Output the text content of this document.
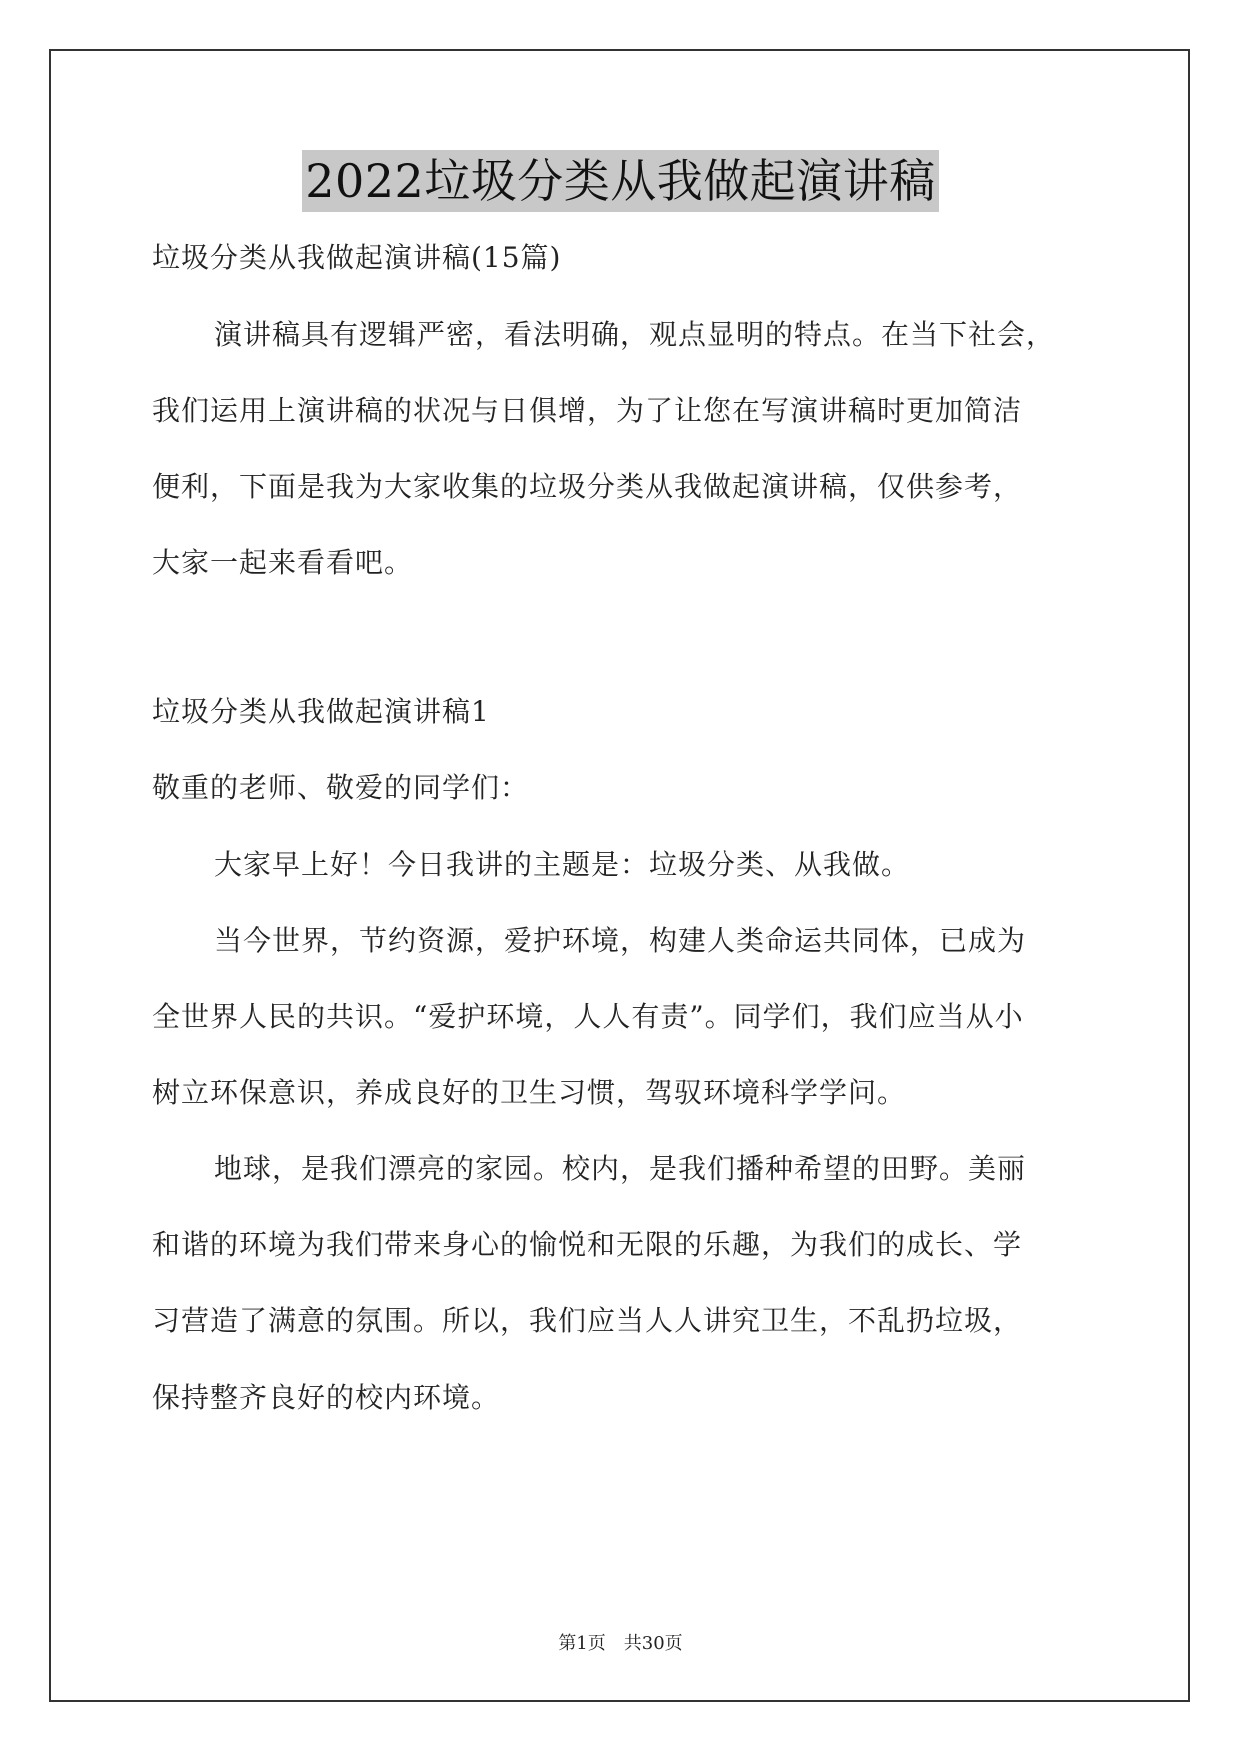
2022垃圾分类从我做起演讲稿
垃圾分类从我做起演讲稿(15篇)
演讲稿具有逻辑严密，看法明确，观点显明的特点。在当下社会，
我们运用上演讲稿的状况与日俱增，为了让您在写演讲稿时更加简洁
便利，下面是我为大家收集的垃圾分类从我做起演讲稿，仅供参考，
大家一起来看看吧。
垃圾分类从我做起演讲稿1
敬重的老师、敬爱的同学们：
大家早上好！今日我讲的主题是：垃圾分类、从我做。
当今世界，节约资源，爱护环境，构建人类命运共同体，已成为
全世界人民的共识。“爱护环境，人人有责”。同学们，我们应当从小
树立环保意识，养成良好的卫生习惯，驾驭环境科学学问。
地球，是我们漂亮的家园。校内，是我们播种希望的田野。美丽
和谐的环境为我们带来身心的愉悦和无限的乐趣，为我们的成长、学
习营造了满意的氛围。所以，我们应当人人讲究卫生，不乱扔垃圾，
保持整齐良好的校内环境。
第1页　共30页
